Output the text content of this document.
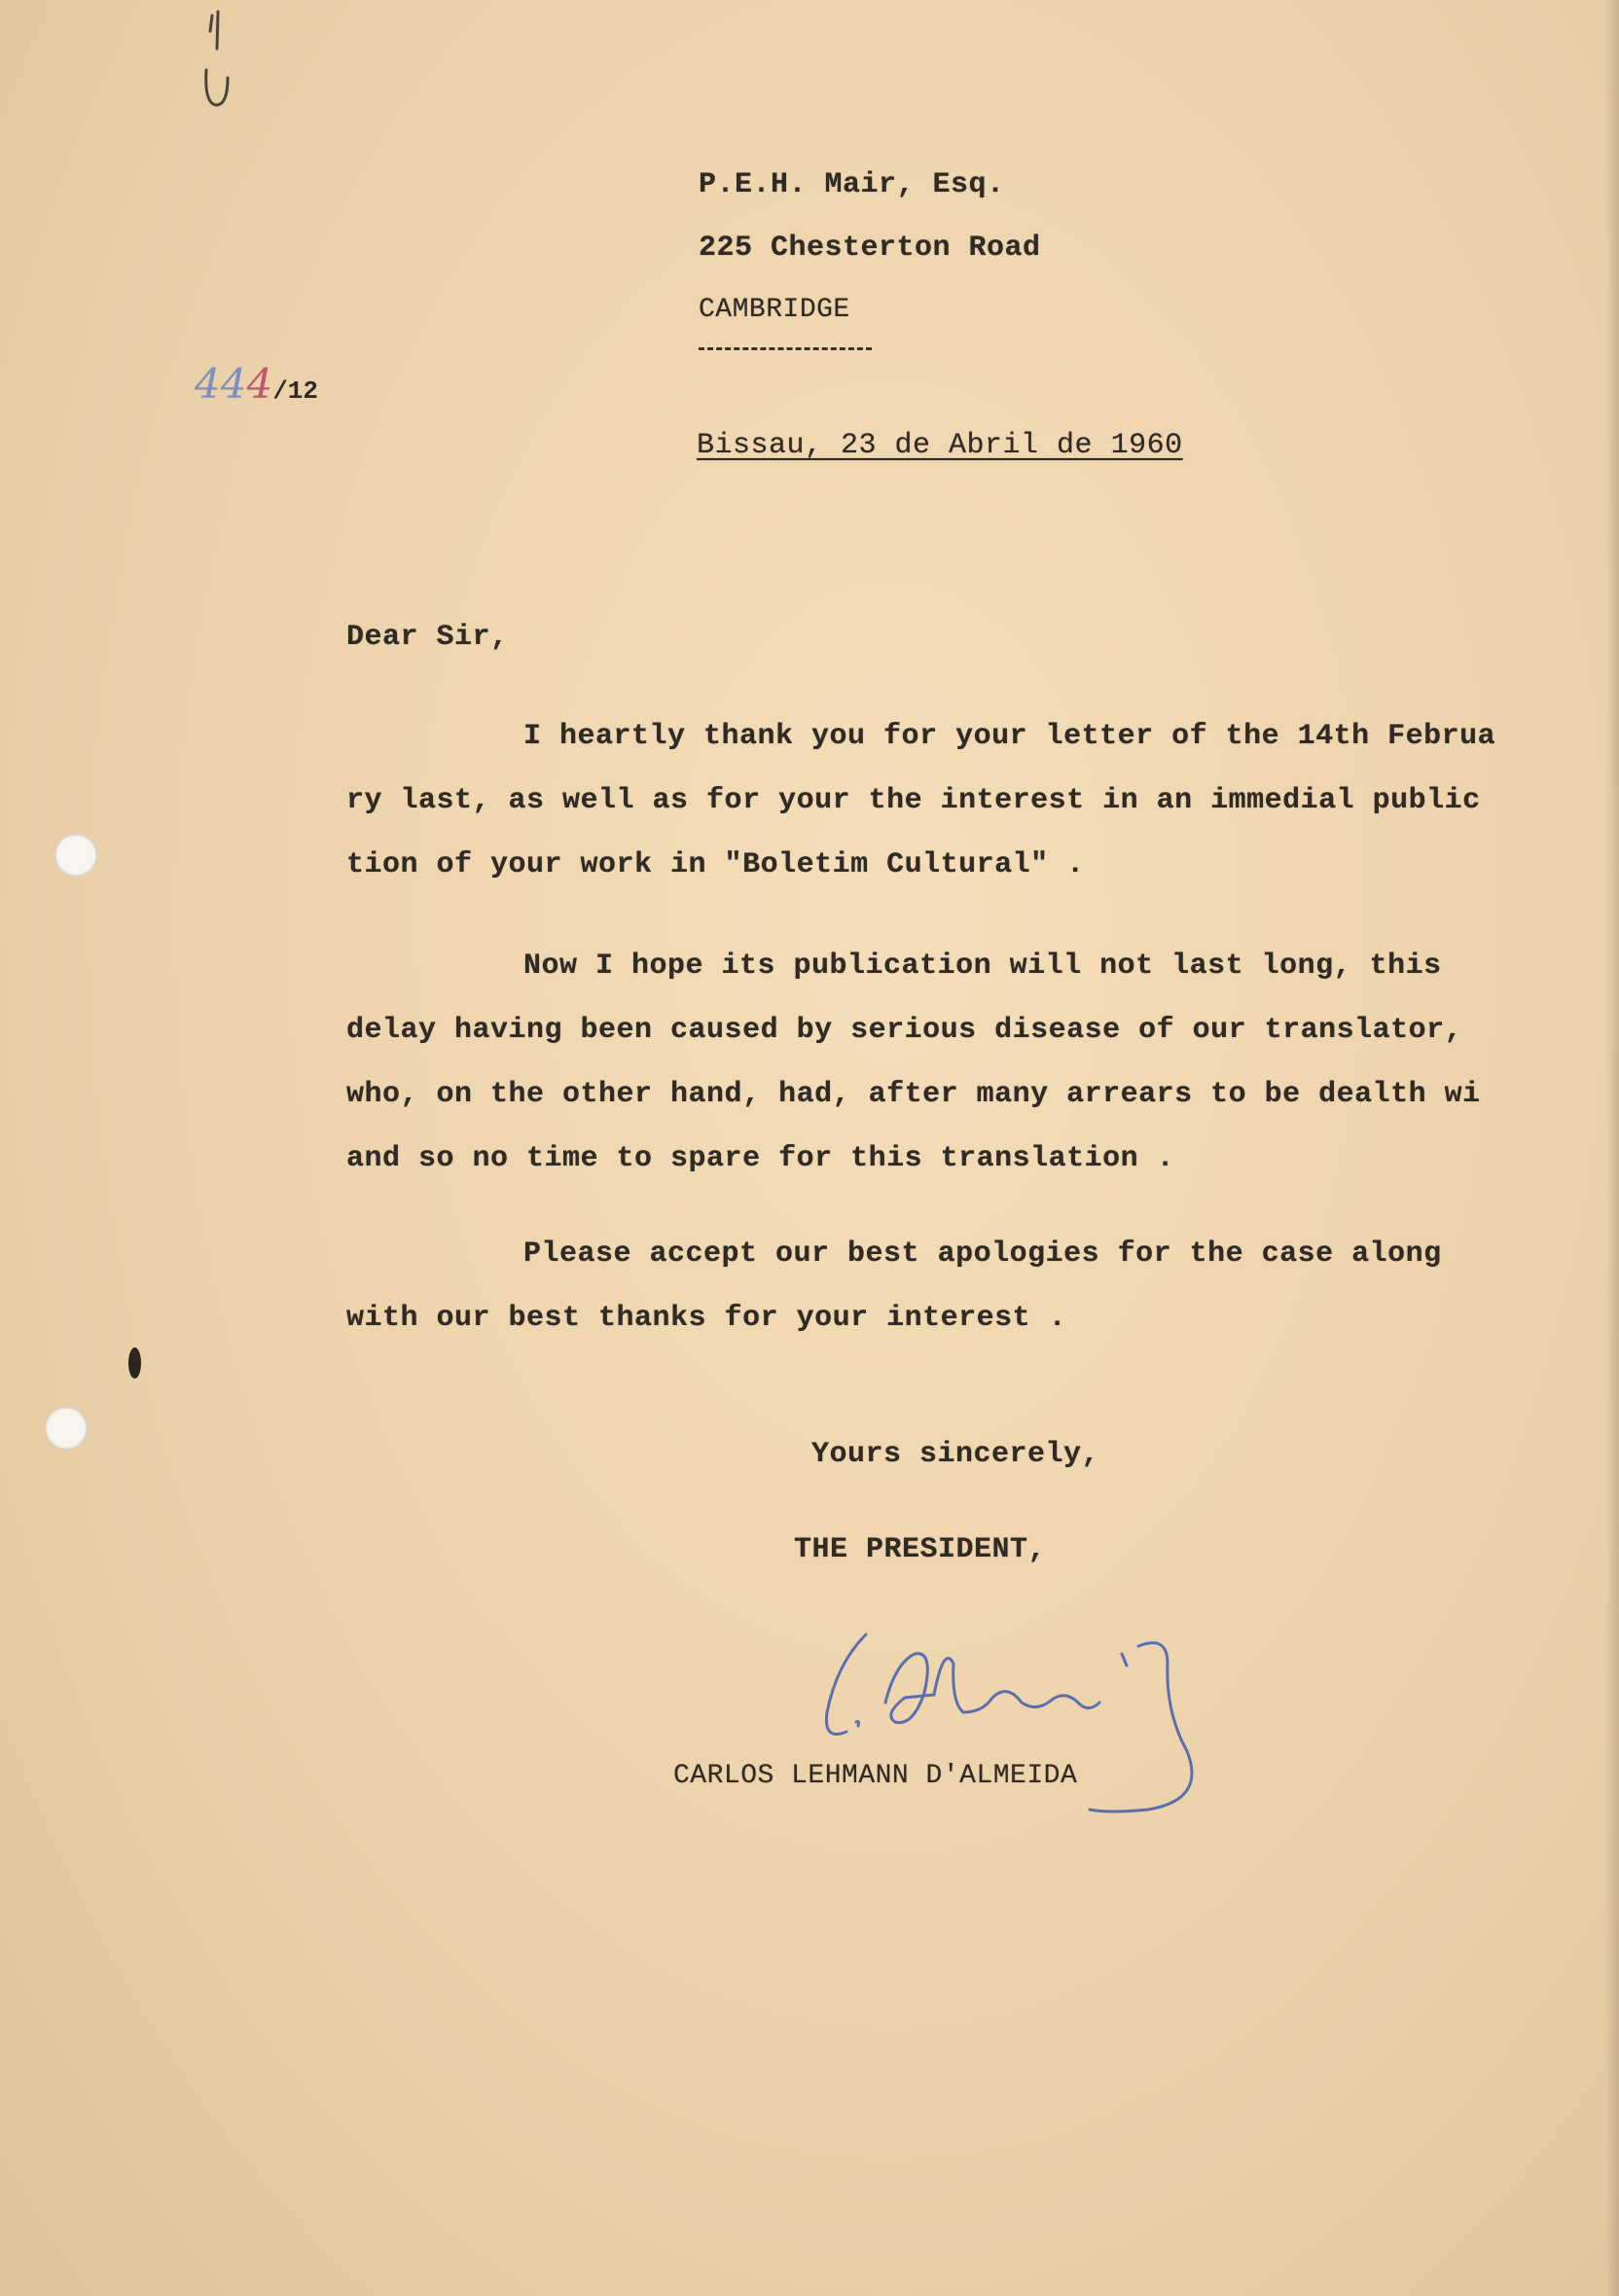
P.E.H. Mair, Esq.
225 Chesterton Road
CAMBRIDGE
444/12
Bissau, 23 de Abril de 1960
Dear Sir,
I heartly thank you for your letter of the 14th Februa
ry last, as well as for your the interest in an immedial public
tion of your work in "Boletim Cultural" .
Now I hope its publication will not last long, this
delay having been caused by serious disease of our translator,
who, on the other hand, had, after many arrears to be dealth wi
and so no time to spare for this translation .
Please accept our best apologies for the case along
with our best thanks for your interest .
Yours sincerely,
THE PRESIDENT,
CARLOS LEHMANN D'ALMEIDA
